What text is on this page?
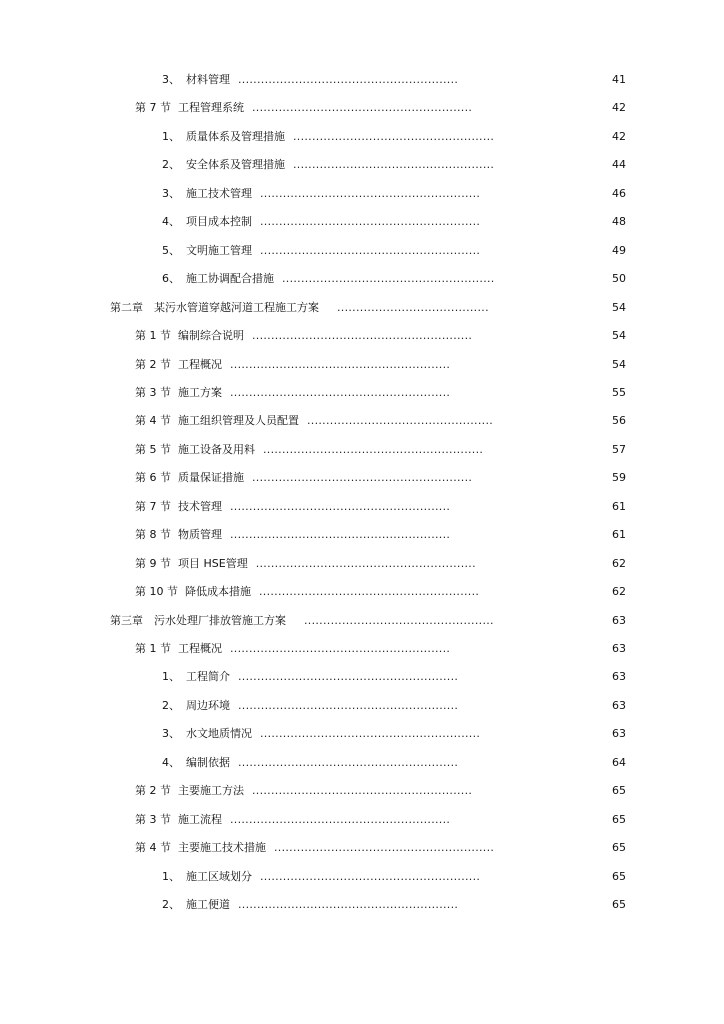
3、 材料管理 ..........................................................	41
第 7 节 工程管理系统 ..........................................................	42
1、 质量体系及管理措施 .....................................................	42
2、 安全体系及管理措施 .....................................................	44
3、 施工技术管理 ..........................................................	46
4、 项目成本控制 ..........................................................	48
5、 文明施工管理 ..........................................................	49
6、 施工协调配合措施 ........................................................	50
第二章 某污水管道穿越河道工程施工方案 ........................................	54
第 1 节 编制综合说明 ..........................................................	54
第 2 节 工程概况 ..........................................................	54
第 3 节 施工方案 ..........................................................	55
第 4 节 施工组织管理及人员配置 .................................................	56
第 5 节 施工设备及用料 ..........................................................	57
第 6 节 质量保证措施 ..........................................................	59
第 7 节 技术管理 ..........................................................	61
第 8 节 物质管理 ..........................................................	61
第 9 节 项目 HSE管理 ..........................................................	62
第 10 节 降低成本措施 ..........................................................	62
第三章 污水处理厂排放管施工方案 ..................................................	63
第 1 节 工程概况 ..........................................................	63
1、 工程简介 ..........................................................	63
2、 周边环境 ..........................................................	63
3、 水文地质情况 ..........................................................	63
4、 编制依据 ..........................................................	64
第 2 节 主要施工方法 ..........................................................	65
第 3 节 施工流程 ..........................................................	65
第 4 节 主要施工技术措施 ..........................................................	65
1、 施工区域划分 ..........................................................	65
2、 施工便道 ..........................................................	65
